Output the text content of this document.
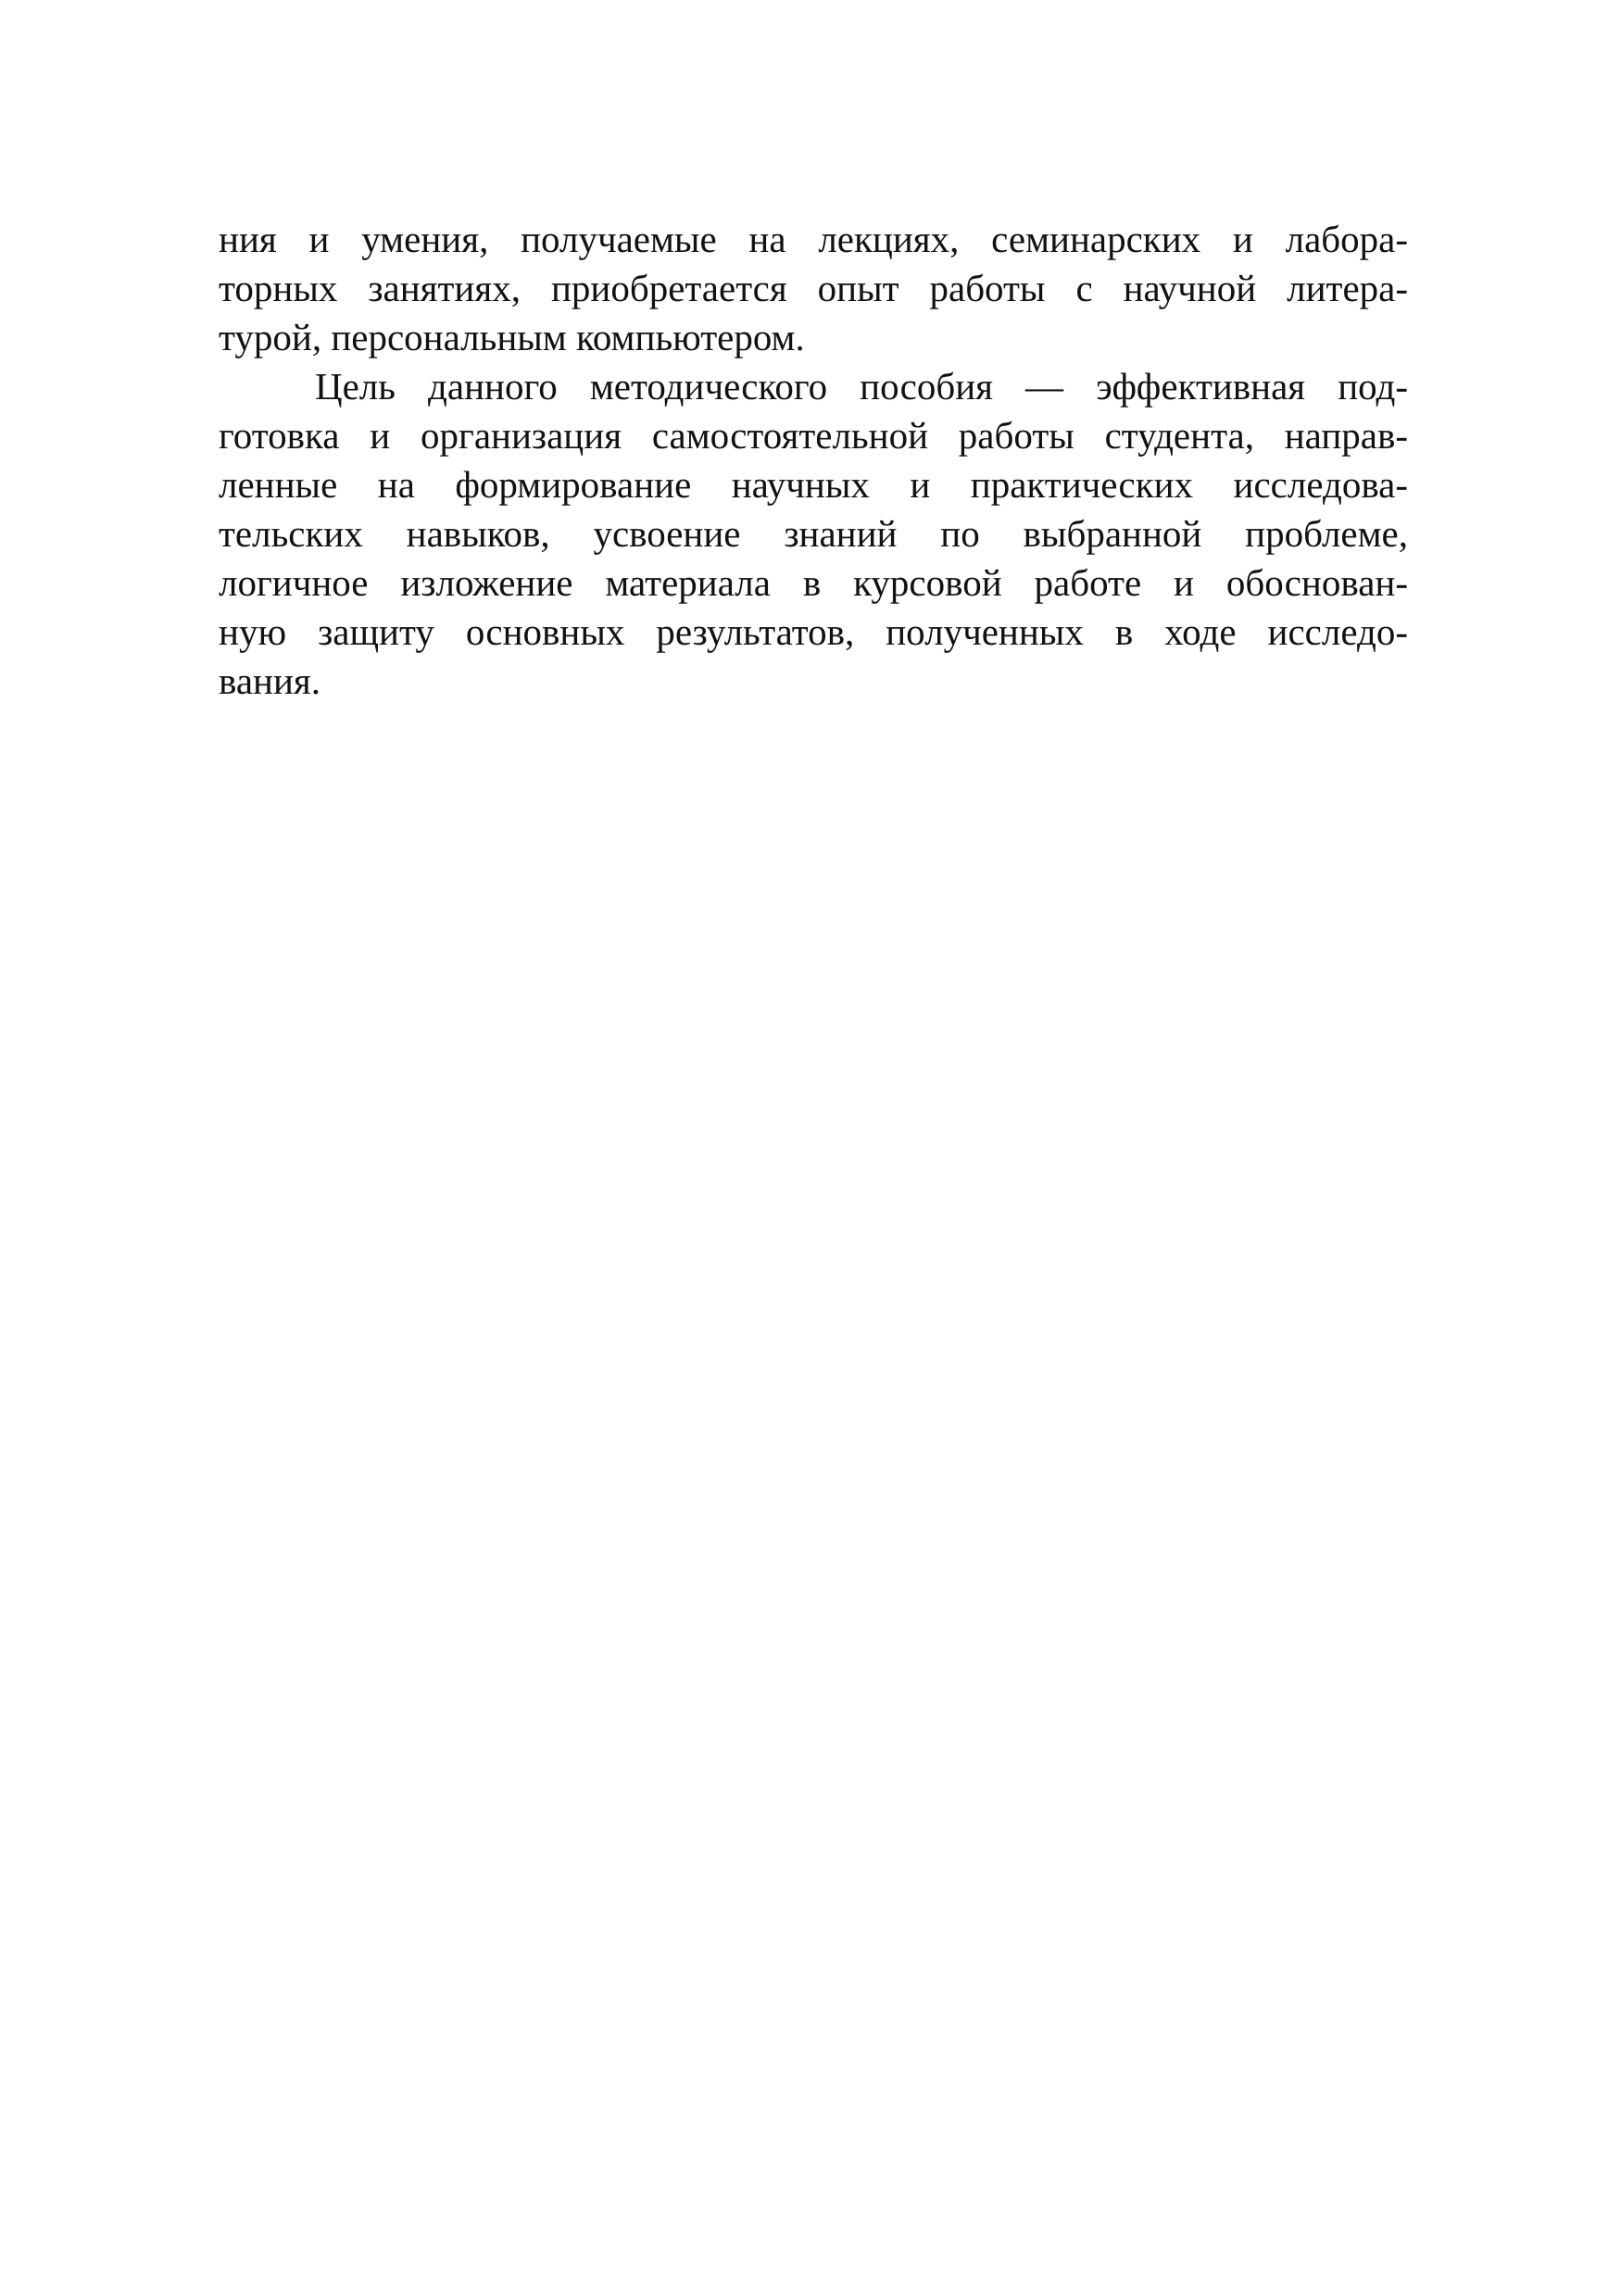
ния и умения, получаемые на лекциях, семинарских и лабора-
торных занятиях, приобретается опыт работы с научной литера-
турой, персональным компьютером.
Цель данного методического пособия — эффективная под-
готовка и организация самостоятельной работы студента, направ-
ленные на формирование научных и практических исследова-
тельских навыков, усвоение знаний по выбранной проблеме,
логичное изложение материала в курсовой работе и обоснован-
ную защиту основных результатов, полученных в ходе исследо-
вания.
